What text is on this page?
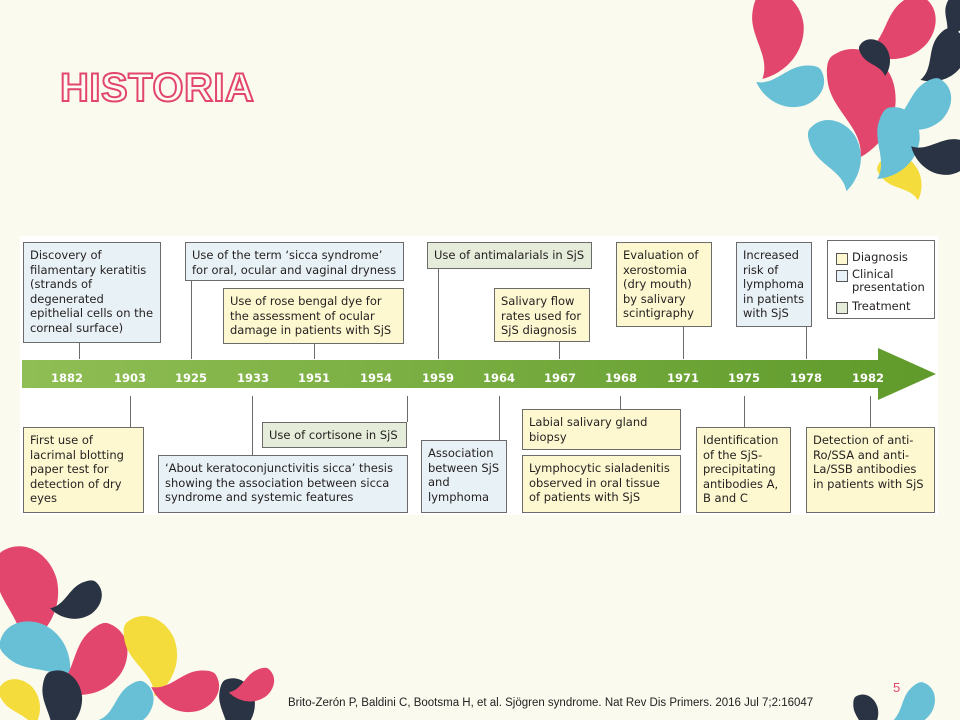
HISTORIA
1882	1903	1925	1933	1951	1954	1959	1964	1967	1968	1971	1975	1978	1982
Discovery of filamentary keratitis (strands of degenerated epithelial cells on the corneal surface)
Use of the term ‘sicca syndrome’ for oral, ocular and vaginal dryness
Use of rose bengal dye for the assessment of ocular damage in patients with SjS
Use of antimalarials in SjS
Salivary flow rates used for SjS diagnosis
Evaluation of xerostomia (dry mouth) by salivary scintigraphy
Increased risk of lymphoma in patients with SjS
First use of lacrimal blotting paper test for detection of dry eyes
Use of cortisone in SjS
‘About keratoconjunctivitis sicca’ thesis showing the association between sicca syndrome and systemic features
Association between SjS and lymphoma
Labial salivary gland biopsy
Lymphocytic sialadenitis observed in oral tissue of patients with SjS
Identification of the SjS-precipitating antibodies A, B and C
Detection of anti-Ro/SSA and anti-La/SSB antibodies in patients with SjS
Diagnosis
Clinical presentation
Treatment
5
Brito-Zerón P, Baldini C, Bootsma H, et al. Sjögren syndrome. Nat Rev Dis Primers. 2016 Jul 7;2:16047
